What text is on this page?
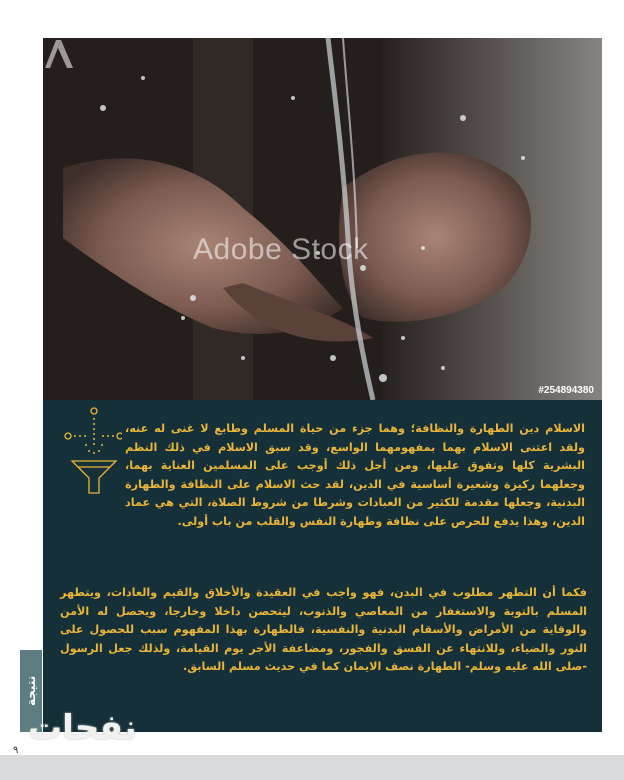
Adobe Stock
#254894380
الاسلام دين الطهارة والنظافة؛ وهما جزء من حياة المسلم وطابع لا غنى له عنه، ولقد اعتنى الاسلام بهما بمفهومهما الواسع، وقد سبق الاسلام في ذلك النظم البشرية كلها وتفوق عليها، ومن أجل ذلك أوجب على المسلمين العناية بهما، وجعلهما ركيزة وشعيرة أساسية في الدين، لقد حث الاسلام على النظافة والطهارة البدنية، وجعلها مقدمة للكثير من العبادات وشرطا من شروط الصلاة، التي هي عماد الدين، وهذا يدفع للحرص على نظافة وطهارة النفس والقلب من باب أولى.
فكما أن التطهر مطلوب في البدن، فهو واجب في العقيدة والأخلاق والقيم والعادات، ويتطهر المسلم بالتوبة والاستغفار من المعاصي والذنوب، ليتحصن داخلا وخارجا، ويحصل له الأمن والوقاية من الأمراض والأسقام البدنية والنفسية، فالطهارة بهذا المفهوم سبب للحصول على النور والضياء، وللانتهاء عن الفسق والفجور، ومضاعفة الأجر يوم القيامة، ولذلك جعل الرسول -صلى الله عليه وسلم- الطهارة نصف الايمان كما في حديث مسلم السابق.
نتيجة
نفحات
٩
